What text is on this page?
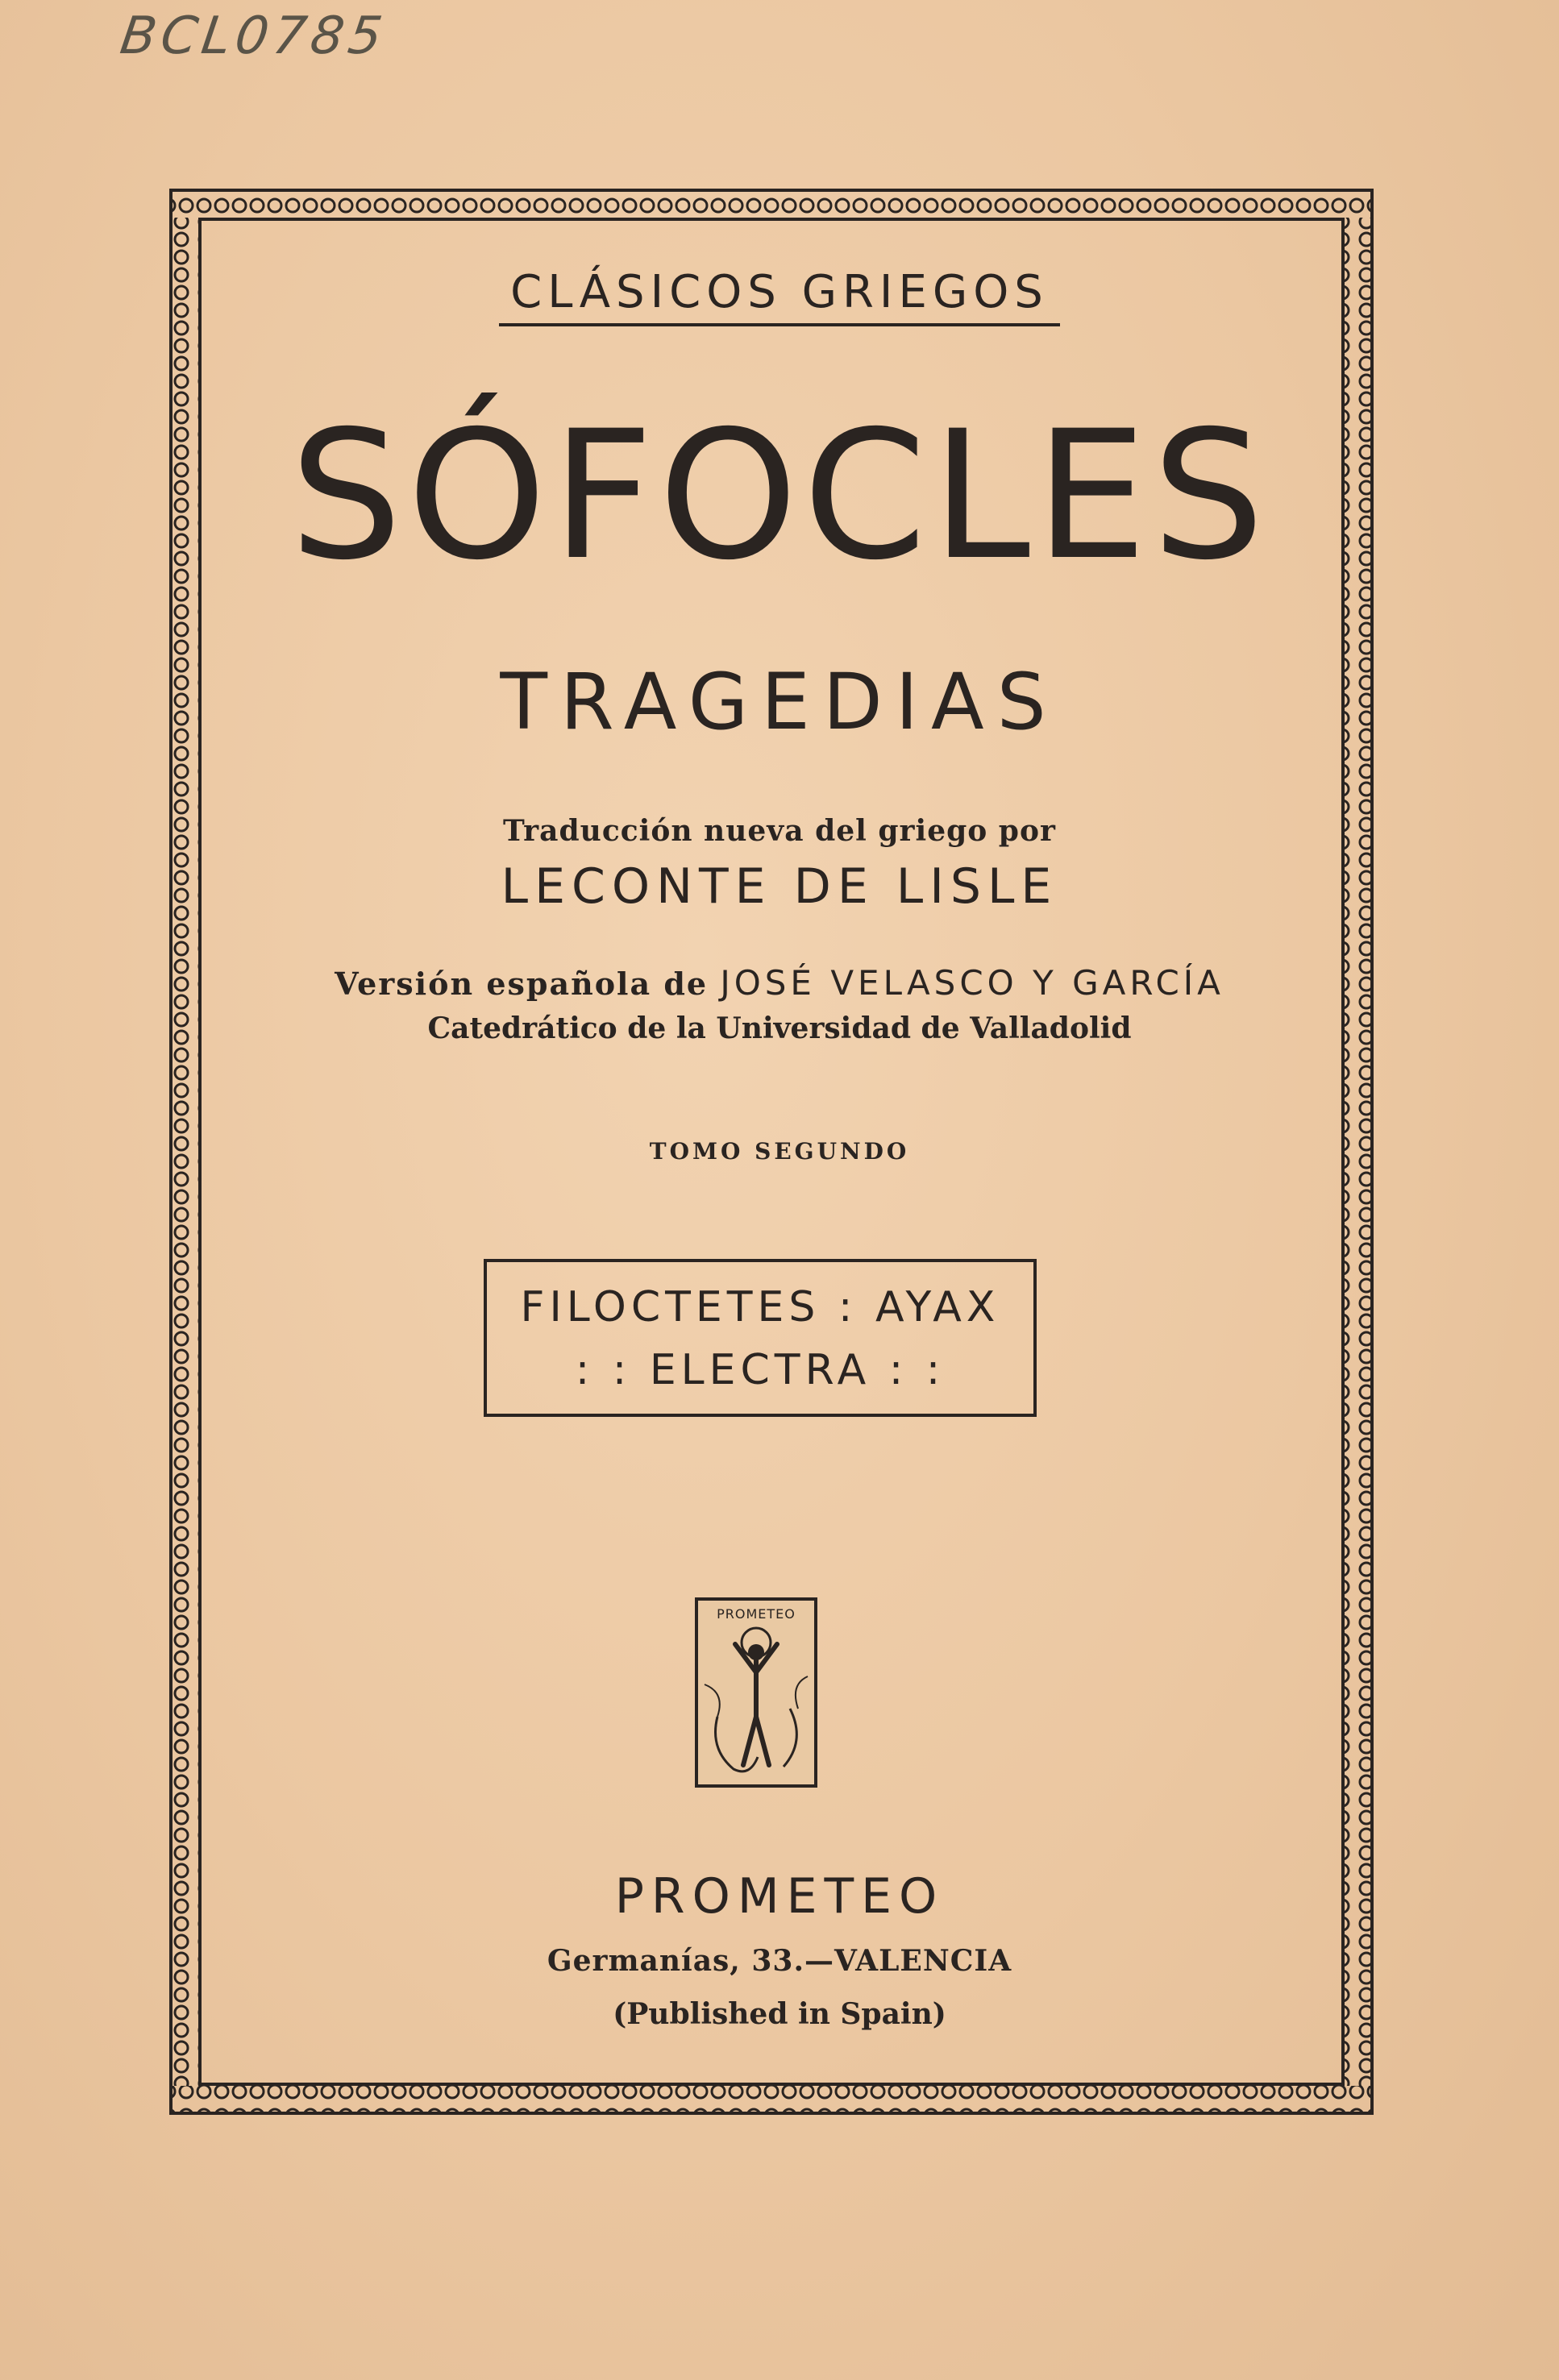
BCL0785
CLÁSICOS GRIEGOS
SÓFOCLES
TRAGEDIAS
Traducción nueva del griego por
LECONTE DE LISLE
Versión española de JOSÉ VELASCO Y GARCÍA
Catedrático de la Universidad de Valladolid
TOMO SEGUNDO
FILOCTETES : AYAX
: : ELECTRA : :
PROMETEO
PROMETEO
Germanías, 33.—VALENCIA
(Published in Spain)
